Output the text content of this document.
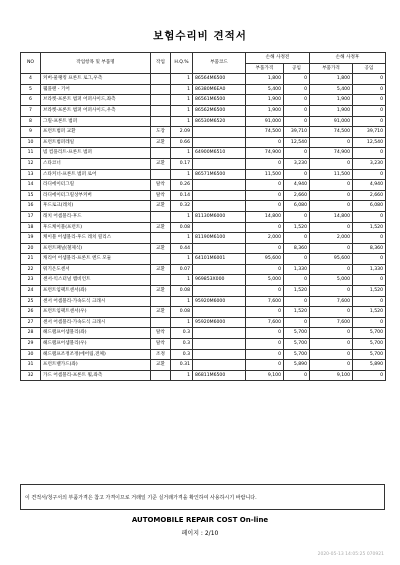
보험수리비 견적서
NO	작업항목 및 부품명	작업	H.Q.%	부품코드	손해 사정전		손해 사정후	
					부품가격	공임	부품가격	공임
4	커버-물랭킹 프론트 로그,우측		1	86564M6500	1,800	0	1,800	0
5	웰플랜 - 기어		1	86380M6EA0	5,400	0	5,400	0
6	브라켓-프론트 범퍼 어퍼사이드,좌측		1	86561M6500	1,900	0	1,900	0
7	브라켓-프론트 범퍼 어퍼사이드,우측		1	86562M6500	1,900	0	1,900	0
8	그릴-프론트 범퍼		1	86530M6520	91,000	0	91,000	0
9	프런트범퍼 교환	도장	2.09		74,500	39,710	74,500	39,710
10	프런트범퍼레일	교환	0.66		0	12,540	0	12,540
11	빔 컴플리트-프론트 범퍼		1	64900M6510	74,900	0	74,900	0
12	스타코너	교환	0.17		0	3,230	0	3,230
13	스타커너-프론트 범퍼 로어		1	86571M6500	11,500	0	11,500	0
14	라디에이터그릴	탈착	0.26		0	4,940	0	4,940
15	라디에이터그릴상부커버	탈착	0.14		0	2,660	0	2,660
16	후드로크(레치)	교환	0.32		0	6,080	0	6,080
17	래치 어셈블리-후드		1	81130M6000	14,800	0	14,800	0
18	후드케이블(프런트)	교환	0.08		0	1,520	0	1,520
19	케이블 어셈블리-후드 레치 릴리스		1	81190M6100	2,000	0	2,000	0
20	프런트패널(철제식)	교환	0.44		0	8,360	0	8,360
21	캐리어 어셈블리-프론트 엔드 모듈		1	64101M6001	95,600	0	95,600	0
22	워기온도센서	교환	0.07		0	1,330	0	1,330
23	센서-익스터널 앰비언트		1	969853X000	5,000	0	5,000	0
24	프런트임팩트센서(좌)	교환	0.08		0	1,520	0	1,520
25	센서 어셈블리-가속도식 크래시		1	95920M6000	7,600	0	7,600	0
26	프런트임팩트센서(우)	교환	0.08		0	1,520	0	1,520
27	센서 어셈블리-가속도식 크래시		1	95920M6000	7,600	0	7,600	0
28	헤드램프어셈블리(좌)	탈착	0.3		0	5,700	0	5,700
29	헤드램프어셈블리(우)	탈착	0.3		0	5,700	0	5,700
30	헤드램프조정조정(에어림,전체)	조정	0.3		0	5,700	0	5,700
31	프런트밸가드(좌)	교환	0.31		0	5,890	0	5,890
32	가드 어셈블리-프론트 휠,좌측		1	86811M6500	9,100	0	9,100	0
이 견적서/청구서의 부품가격은 참고 가격이므로 거래일 기준 실거래가격을 확인하여 사용하시기 바랍니다.
AUTOMOBILE REPAIR COST On-line
페이지 : 2/10
2020-05-13 14:05:25 070921
